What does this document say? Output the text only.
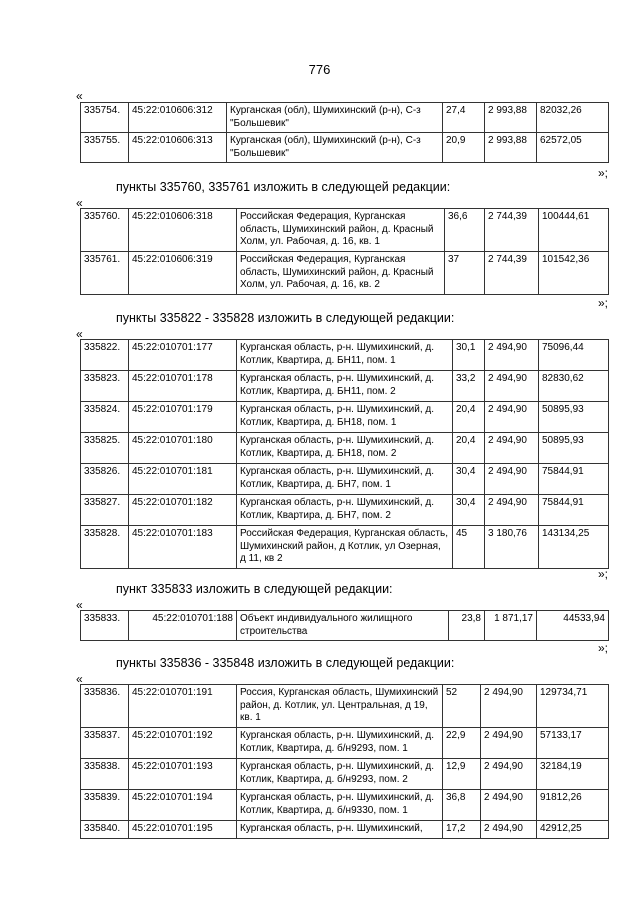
776
«
335754.	45:22:010606:312	Курганская (обл), Шумихинский (р-н), С-з "Большевик"	27,4	2 993,88	82032,26
335755.	45:22:010606:313	Курганская (обл), Шумихинский (р-н), С-з "Большевик"	20,9	2 993,88	62572,05
»;
пункты 335760, 335761 изложить в следующей редакции:
«
335760.	45:22:010606:318	Российская Федерация, Курганская область, Шумихинский район, д. Красный Холм, ул. Рабочая, д. 16, кв. 1	36,6	2 744,39	100444,61
335761.	45:22:010606:319	Российская Федерация, Курганская область, Шумихинский район, д. Красный Холм, ул. Рабочая, д. 16, кв. 2	37	2 744,39	101542,36
»;
пункты 335822 - 335828 изложить в следующей редакции:
«
335822.	45:22:010701:177	Курганская область, р-н. Шумихинский, д. Котлик, Квартира, д. БН11, пом. 1	30,1	2 494,90	75096,44
335823.	45:22:010701:178	Курганская область, р-н. Шумихинский, д. Котлик, Квартира, д. БН11, пом. 2	33,2	2 494,90	82830,62
335824.	45:22:010701:179	Курганская область, р-н. Шумихинский, д. Котлик, Квартира, д. БН18, пом. 1	20,4	2 494,90	50895,93
335825.	45:22:010701:180	Курганская область, р-н. Шумихинский, д. Котлик, Квартира, д. БН18, пом. 2	20,4	2 494,90	50895,93
335826.	45:22:010701:181	Курганская область, р-н. Шумихинский, д. Котлик, Квартира, д. БН7, пом. 1	30,4	2 494,90	75844,91
335827.	45:22:010701:182	Курганская область, р-н. Шумихинский, д. Котлик, Квартира, д. БН7, пом. 2	30,4	2 494,90	75844,91
335828.	45:22:010701:183	Российская Федерация, Курганская область, Шумихинский район, д Котлик, ул Озерная, д 11, кв 2	45	3 180,76	143134,25
»;
пункт 335833 изложить в следующей редакции:
«
335833.	45:22:010701:188	Объект индивидуального жилищного строительства	23,8	1 871,17	44533,94
»;
пункты 335836 - 335848 изложить в следующей редакции:
«
335836.	45:22:010701:191	Россия, Курганская область, Шумихинский район, д. Котлик, ул. Центральная, д 19, кв. 1	52	2 494,90	129734,71
335837.	45:22:010701:192	Курганская область, р-н. Шумихинский, д. Котлик, Квартира, д. б/н9293, пом. 1	22,9	2 494,90	57133,17
335838.	45:22:010701:193	Курганская область, р-н. Шумихинский, д. Котлик, Квартира, д. б/н9293, пом. 2	12,9	2 494,90	32184,19
335839.	45:22:010701:194	Курганская область, р-н. Шумихинский, д. Котлик, Квартира, д. б/н9330, пом. 1	36,8	2 494,90	91812,26
335840.	45:22:010701:195	Курганская область, р-н. Шумихинский,	17,2	2 494,90	42912,25
